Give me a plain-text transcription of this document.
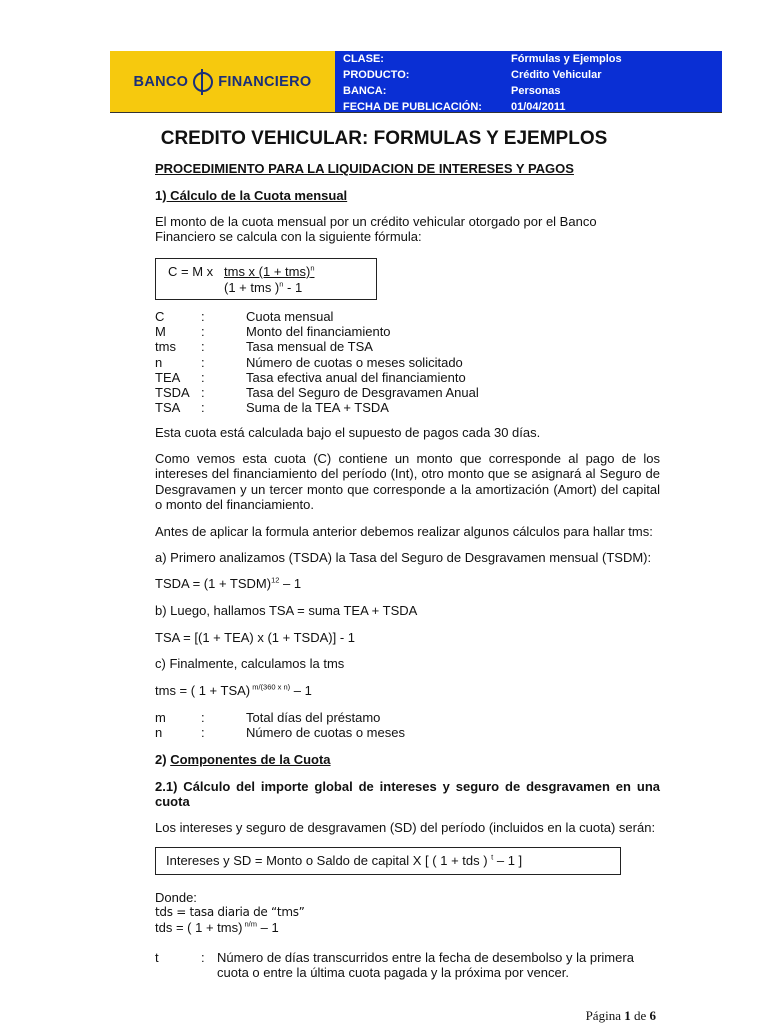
BANCO FINANCIERO
CLASE:	Fórmulas y Ejemplos
PRODUCTO:	Crédito Vehicular
BANCA:	Personas
FECHA DE PUBLICACIÓN:	01/04/2011
CREDITO VEHICULAR: FORMULAS Y EJEMPLOS
PROCEDIMIENTO PARA LA LIQUIDACION DE INTERESES Y PAGOS
1) Cálculo de la Cuota mensual
El monto de la cuota mensual por un crédito vehicular otorgado por el Banco Financiero se calcula con la siguiente fórmula:
C = M x tms x (1 + tms)$^n$
(1 + tms )$^n$ - 1
C	:	Cuota mensual
M	:	Monto del financiamiento
tms	:	Tasa mensual de TSA
n	:	Número de cuotas o meses solicitado
TEA	:	Tasa efectiva anual del financiamiento
TSDA :	Tasa del Seguro de Desgravamen Anual
TSA	:	Suma de la TEA + TSDA
Esta cuota está calculada bajo el supuesto de pagos cada 30 días.
Como vemos esta cuota (C) contiene un monto que corresponde al pago de los intereses del financiamiento del período (Int), otro monto que se asignará al Seguro de Desgravamen y un tercer monto que corresponde a la amortización (Amort) del capital o monto del financiamiento.
Antes de aplicar la formula anterior debemos realizar algunos cálculos para hallar tms:
a) Primero analizamos (TSDA) la Tasa del Seguro de Desgravamen mensual (TSDM):
TSDA = (1 + TSDM)$^{12}$ – 1
b) Luego, hallamos TSA = suma TEA + TSDA
TSA = [(1 + TEA) x (1 + TSDA)] - 1
c) Finalmente, calculamos la tms
tms = ( 1 + TSA) $^{m/(360 x n)}$ – 1
m	:	Total días del préstamo
n	:	Número de cuotas o meses
2) Componentes de la Cuota
2.1) Cálculo del importe global de intereses y seguro de desgravamen en una cuota
Los intereses y seguro de desgravamen (SD) del período (incluidos en la cuota) serán:
Intereses y SD = Monto o Saldo de capital X [ ( 1 + tds ) $^t$ – 1 ]
Donde:
tds = tasa diaria de “tms”
tds = ( 1 + tms) $^{n/m}$ – 1
t	: Número de días transcurridos entre la fecha de desembolso y la primera cuota o entre la última cuota pagada y la próxima por vencer.
Página 1 de 6
